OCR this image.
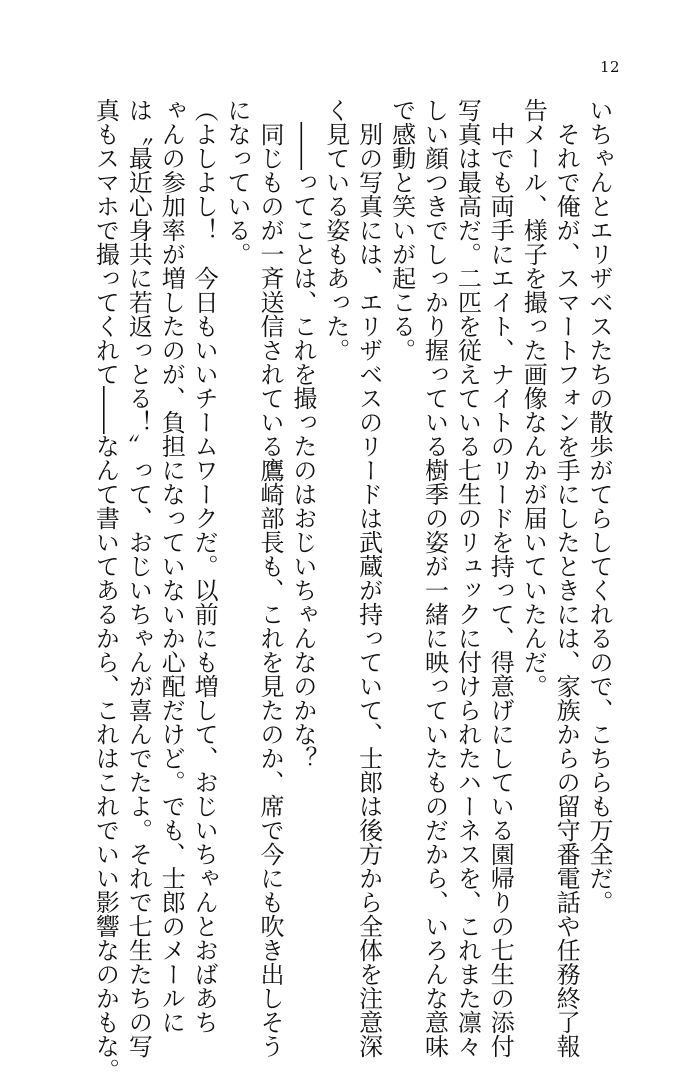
12
いちゃんとエリザベスたちの散歩がてらしてくれるので、こちらも万全だ。
　それで俺が、スマートフォンを手にしたときには、家族からの留守番電話や任務終了報
告メール、様子を撮った画像なんかが届いていたんだ。
　中でも両手にエイト、ナイトのリードを持って、得意げにしている園帰りの七生の添付
写真は最高だ。二匹を従えている七生のリュックに付けられたハーネスを、これまた凛々
しい顔つきでしっかり握っている樹季の姿が一緒に映っていたものだから、いろんな意味
で感動と笑いが起こる。
　別の写真には、エリザベスのリードは武蔵が持っていて、士郎は後方から全体を注意深
く見ている姿もあった。
　――ってことは、これを撮ったのはおじいちゃんなのかな？
　同じものが一斉送信されている鷹崎部長も、これを見たのか、席で今にも吹き出しそう
になっている。
（よしよし！　今日もいいチームワークだ。以前にも増して、おじいちゃんとおばあち
ゃんの参加率が増したのが、負担になっていないか心配だけど。でも、士郎のメールに
は〝最近心身共に若返っとる！〟って、おじいちゃんが喜んでたよ。それで七生たちの写
真もスマホで撮ってくれて――なんて書いてあるから、これはこれでいい影響なのかもな。
